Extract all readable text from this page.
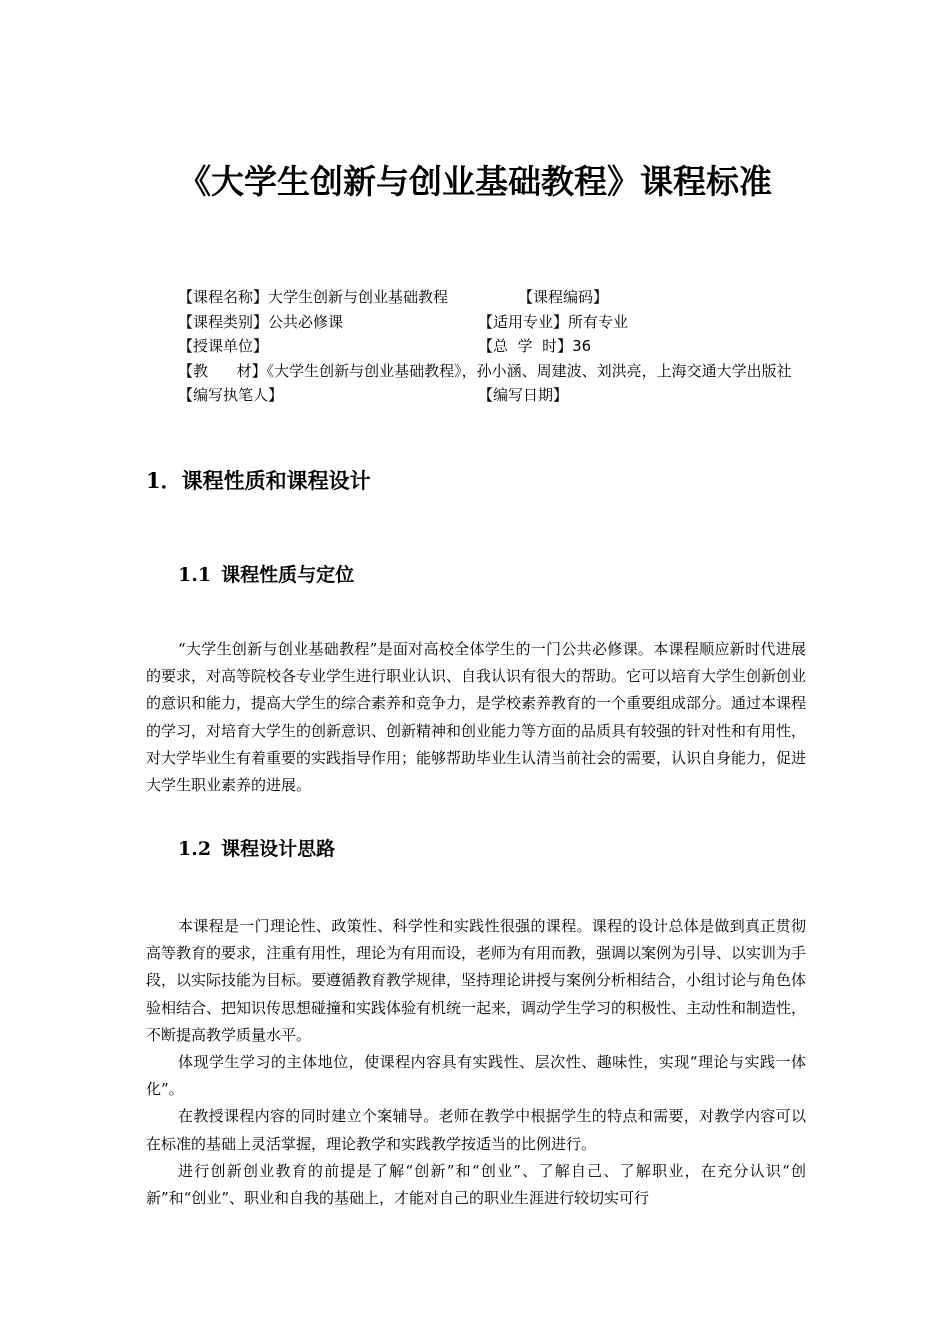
《大学生创新与创业基础教程》课程标准
【课程名称】大学生创新与创业基础教程	【课程编码】
【课程类别】公共必修课	【适用专业】所有专业
【授课单位】	【总  学  时】36
【教      材】《大学生创新与创业基础教程》，孙小涵、周建波、刘洪亮，上海交通大学出版社
【编写执笔人】	【编写日期】
1．课程性质和课程设计
1.1 课程性质与定位

“大学生创新与创业基础教程”是面对高校全体学生的一门公共必修课。本课程顺应新时代进展的要求，对高等院校各专业学生进行职业认识、自我认识有很大的帮助。它可以培育大学生创新创业的意识和能力，提高大学生的综合素养和竞争力，是学校素养教育的一个重要组成部分。通过本课程的学习，对培育大学生的创新意识、创新精神和创业能力等方面的品质具有较强的针对性和有用性，对大学毕业生有着重要的实践指导作用；能够帮助毕业生认清当前社会的需要，认识自身能力，促进大学生职业素养的进展。

1.2 课程设计思路

本课程是一门理论性、政策性、科学性和实践性很强的课程。课程的设计总体是做到真正贯彻高等教育的要求，注重有用性，理论为有用而设，老师为有用而教，强调以案例为引导、以实训为手段，以实际技能为目标。要遵循教育教学规律，坚持理论讲授与案例分析相结合，小组讨论与角色体验相结合、把知识传思想碰撞和实践体验有机统一起来，调动学生学习的积极性、主动性和制造性，不断提高教学质量水平。

体现学生学习的主体地位，使课程内容具有实践性、层次性、趣味性，实现“理论与实践一体化”。

在教授课程内容的同时建立个案辅导。老师在教学中根据学生的特点和需要，对教学内容可以在标准的基础上灵活掌握，理论教学和实践教学按适当的比例进行。

进行创新创业教育的前提是了解“创新”和“创业”、了解自己、了解职业，在充分认识“创新”和“创业”、职业和自我的基础上，才能对自己的职业生涯进行较切实可行
